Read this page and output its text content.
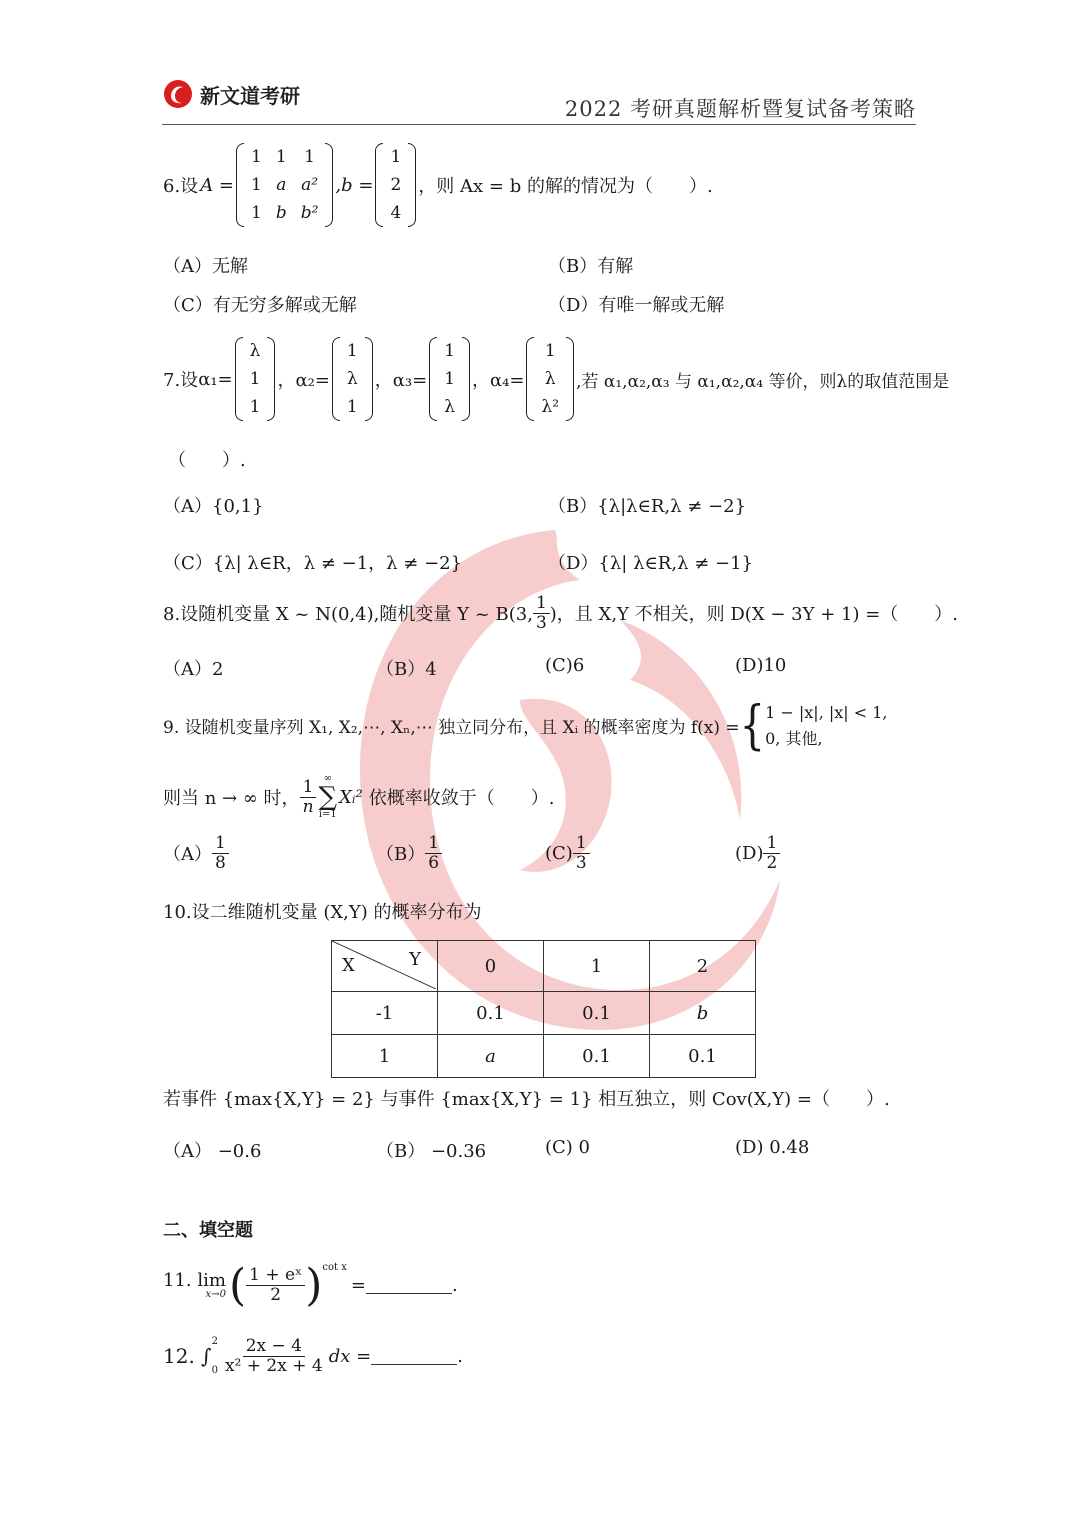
新文道考研
2022 考研真题解析暨复试备考策略
6.设 A =
1	1	1
1	a	a²
1	b	b²
,b =
1
2
4
，则 Ax = b 的解的情况为（　　）.
（A）无解	（B）有解
（C）有无穷多解或无解	（D）有唯一解或无解
7.设 α₁=
λ
1
1
，α₂=
1
λ
1
，α₃=
1
1
λ
，α₄=
1
λ
λ²
,若 α₁,α₂,α₃ 与 α₁,α₂,α₄ 等价，则λ的取值范围是
（　　）.
（A）{0,1}	（B）{λ|λ∈R,λ ≠ −2}
（C）{λ| λ∈R，λ ≠ −1，λ ≠ −2}	（D）{λ| λ∈R,λ ≠ −1}
8.设随机变量 X ~ N(0,4),随机变量 Y ~ B(3, $\frac{1}{3}$ )，且 X,Y 不相关，则 D(X − 3Y + 1) =（　　）.
（A）2	（B）4	(C)6	(D)10
9. 设随机变量序列 X₁, X₂,⋯, Xₙ,⋯ 独立同分布，且 Xᵢ 的概率密度为 f(x) = { 1 − |x|, |x| < 1,
0, 其他,
则当 n → ∞ 时， $\frac{1}{n}$ ∞
∑
i=1
Xᵢ² 依概率收敛于（　　）.
$(A) \frac{1}{8}$	$(B) \frac{1}{6}$	$(C) \frac{1}{3}$	$(D) \frac{1}{2}$
10.设二维随机变量 (X,Y) 的概率分布为
X Y	0	1	2
-1	0.1	0.1	b
1	a	0.1	0.1
若事件 {max{X,Y} = 2} 与事件 {max{X,Y} = 1} 相互独立，则 Cov(X,Y) =（　　）.
（A） −0.6	（B） −0.36	(C) 0	(D) 0.48
二、填空题
11. lim
x→0 ( $\frac{\text{1 + eˣ}}{2}$ ) cot x
=	.
12. ∫
2
$0 \frac{2x - 4}{\text{x² + 2x + 4}}$ dx =	.
